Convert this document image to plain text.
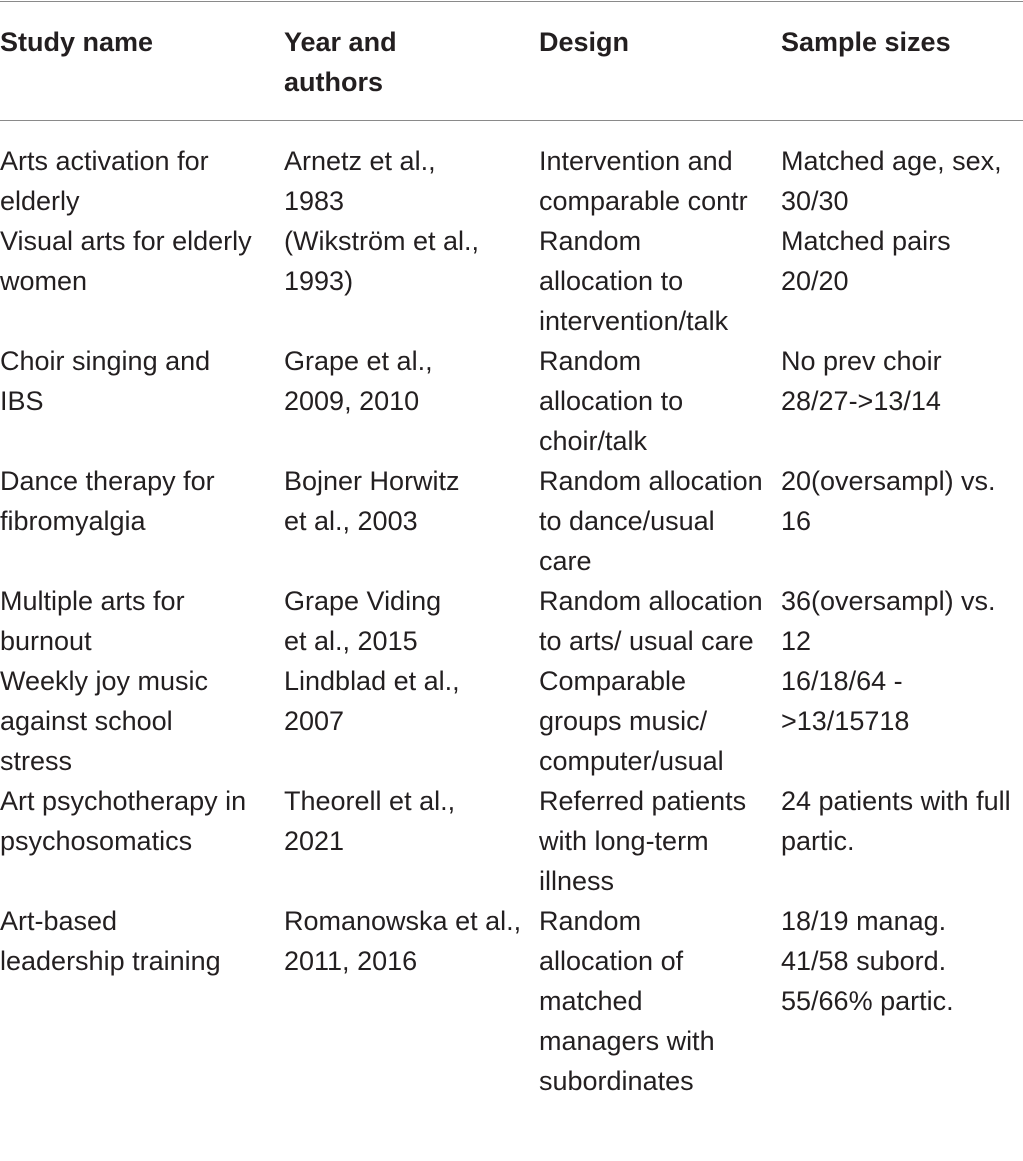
Study name	Year and authors	Design	Sample sizes

Arts activation for elderly	Arnetz et al., 1983	Intervention and comparable contr	Matched age, sex, 30/30

Visual arts for elderly women	(Wikström et al., 1993)	Random allocation to intervention/talk	Matched pairs 20/20

Choir singing and IBS	Grape et al., 2009, 2010	Random allocation to choir/talk	No prev choir 28/27->13/14

Dance therapy for fibromyalgia	Bojner Horwitz et al., 2003	Random allocation to dance/usual care	20(oversampl) vs. 16

Multiple arts for burnout	Grape Viding et al., 2015	Random allocation to arts/ usual care	36(oversampl) vs. 12

Weekly joy music against school stress	Lindblad et al., 2007	Comparable groups music/ computer/usual	16/18/64 ->13/15718

Art psychotherapy in psychosomatics	Theorell et al., 2021	Referred patients with long-term illness	24 patients with full partic.

Art-based leadership training	Romanowska et al., 2011, 2016	Random allocation of matched managers with subordinates	18/19 manag. 41/58 subord. 55/66% partic.
